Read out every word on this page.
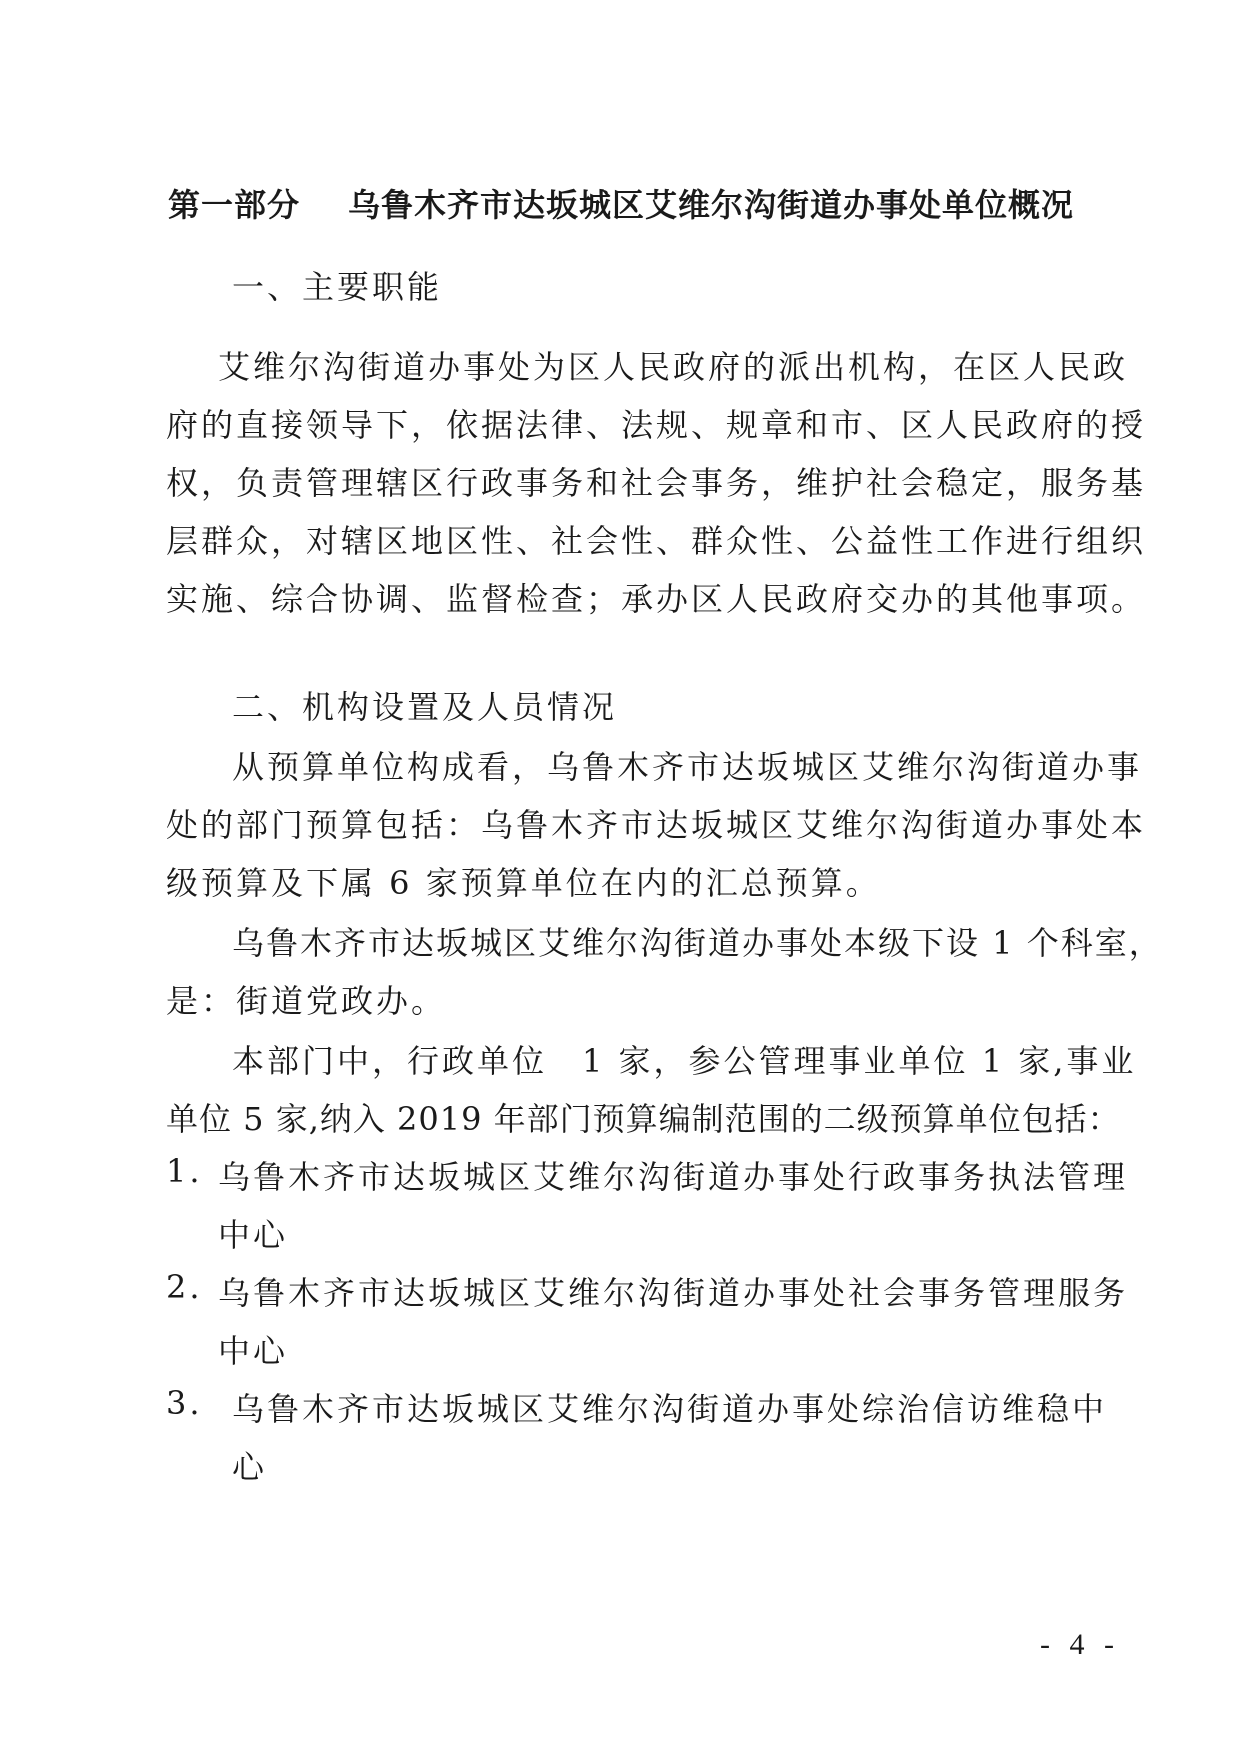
第一部分 乌鲁木齐市达坂城区艾维尔沟街道办事处单位概况
一、主要职能
艾维尔沟街道办事处为区人民政府的派出机构，在区人民政
府的直接领导下，依据法律、法规、规章和市、区人民政府的授
权，负责管理辖区行政事务和社会事务，维护社会稳定，服务基
层群众，对辖区地区性、社会性、群众性、公益性工作进行组织
实施、综合协调、监督检查；承办区人民政府交办的其他事项。
二、机构设置及人员情况
从预算单位构成看，乌鲁木齐市达坂城区艾维尔沟街道办事
处的部门预算包括：乌鲁木齐市达坂城区艾维尔沟街道办事处本
级预算及下属 6 家预算单位在内的汇总预算。
乌鲁木齐市达坂城区艾维尔沟街道办事处本级下设 1 个科室，
是：街道党政办。
本部门中，行政单位　1 家，参公管理事业单位 1 家,事业
单位 5 家,纳入 2019 年部门预算编制范围的二级预算单位包括：
1. 乌鲁木齐市达坂城区艾维尔沟街道办事处行政事务执法管理
中心
2. 乌鲁木齐市达坂城区艾维尔沟街道办事处社会事务管理服务
中心
3. 乌鲁木齐市达坂城区艾维尔沟街道办事处综治信访维稳中
心
- 4 -
